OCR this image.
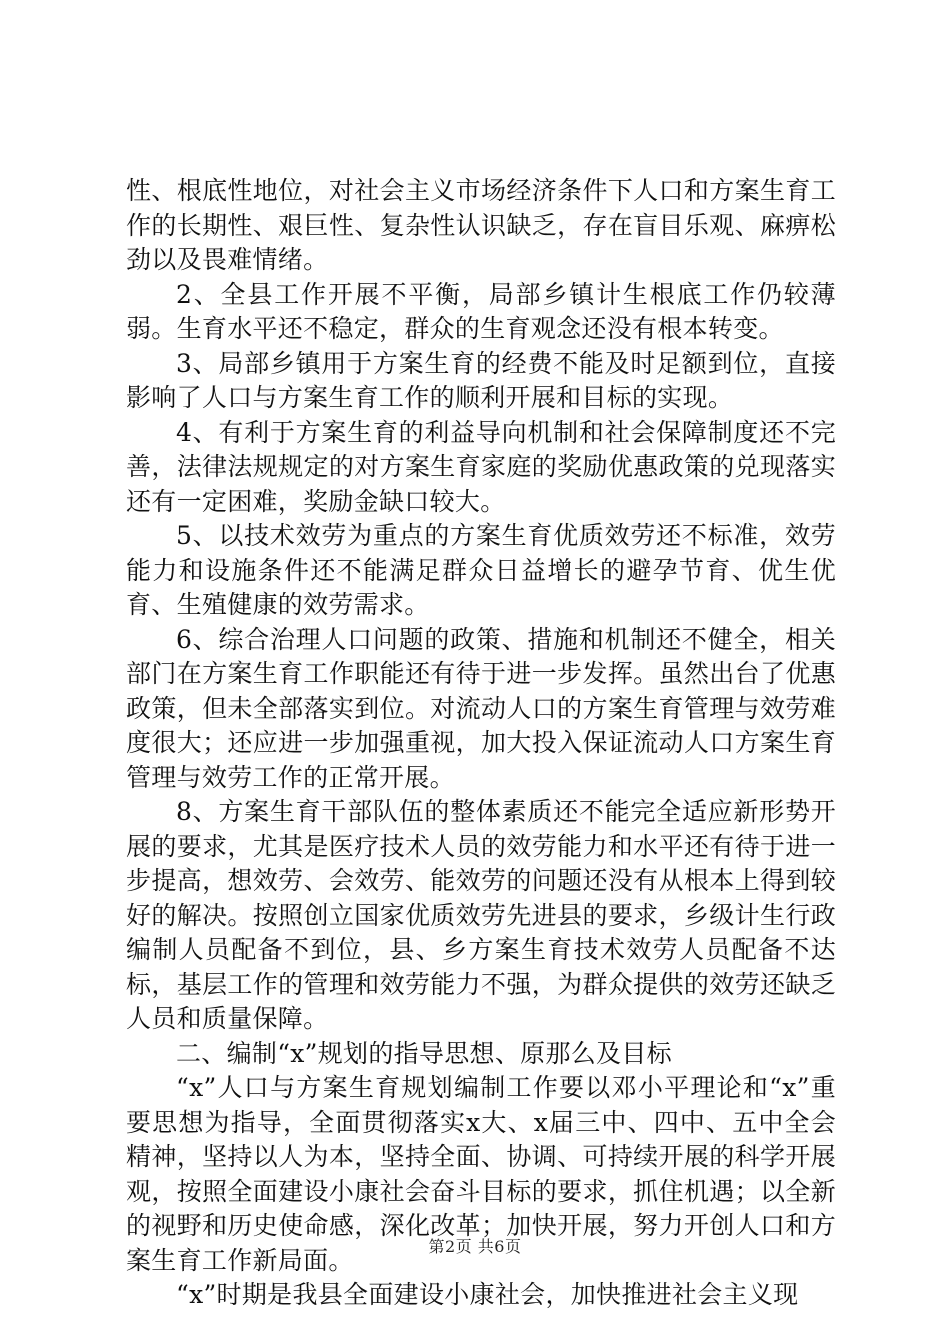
性、根底性地位，对社会主义市场经济条件下人口和方案生育工作的长期性、艰巨性、复杂性认识缺乏，存在盲目乐观、麻痹松劲以及畏难情绪。

2、全县工作开展不平衡，局部乡镇计生根底工作仍较薄弱。生育水平还不稳定，群众的生育观念还没有根本转变。

3、局部乡镇用于方案生育的经费不能及时足额到位，直接影响了人口与方案生育工作的顺利开展和目标的实现。

4、有利于方案生育的利益导向机制和社会保障制度还不完善，法律法规规定的对方案生育家庭的奖励优惠政策的兑现落实还有一定困难，奖励金缺口较大。

5、以技术效劳为重点的方案生育优质效劳还不标准，效劳能力和设施条件还不能满足群众日益增长的避孕节育、优生优育、生殖健康的效劳需求。

6、综合治理人口问题的政策、措施和机制还不健全，相关部门在方案生育工作职能还有待于进一步发挥。虽然出台了优惠政策，但未全部落实到位。对流动人口的方案生育管理与效劳难度很大；还应进一步加强重视，加大投入保证流动人口方案生育管理与效劳工作的正常开展。

8、方案生育干部队伍的整体素质还不能完全适应新形势开展的要求，尤其是医疗技术人员的效劳能力和水平还有待于进一步提高，想效劳、会效劳、能效劳的问题还没有从根本上得到较好的解决。按照创立国家优质效劳先进县的要求，乡级计生行政编制人员配备不到位，县、乡方案生育技术效劳人员配备不达标，基层工作的管理和效劳能力不强，为群众提供的效劳还缺乏人员和质量保障。

二、编制“x”规划的指导思想、原那么及目标

“x”人口与方案生育规划编制工作要以邓小平理论和“x”重要思想为指导，全面贯彻落实x大、x届三中、四中、五中全会精神，坚持以人为本，坚持全面、协调、可持续开展的科学开展观，按照全面建设小康社会奋斗目标的要求，抓住机遇；以全新的视野和历史使命感，深化改革；加快开展，努力开创人口和方案生育工作新局面。

“x”时期是我县全面建设小康社会，加快推进社会主义现

第2页 共6页
